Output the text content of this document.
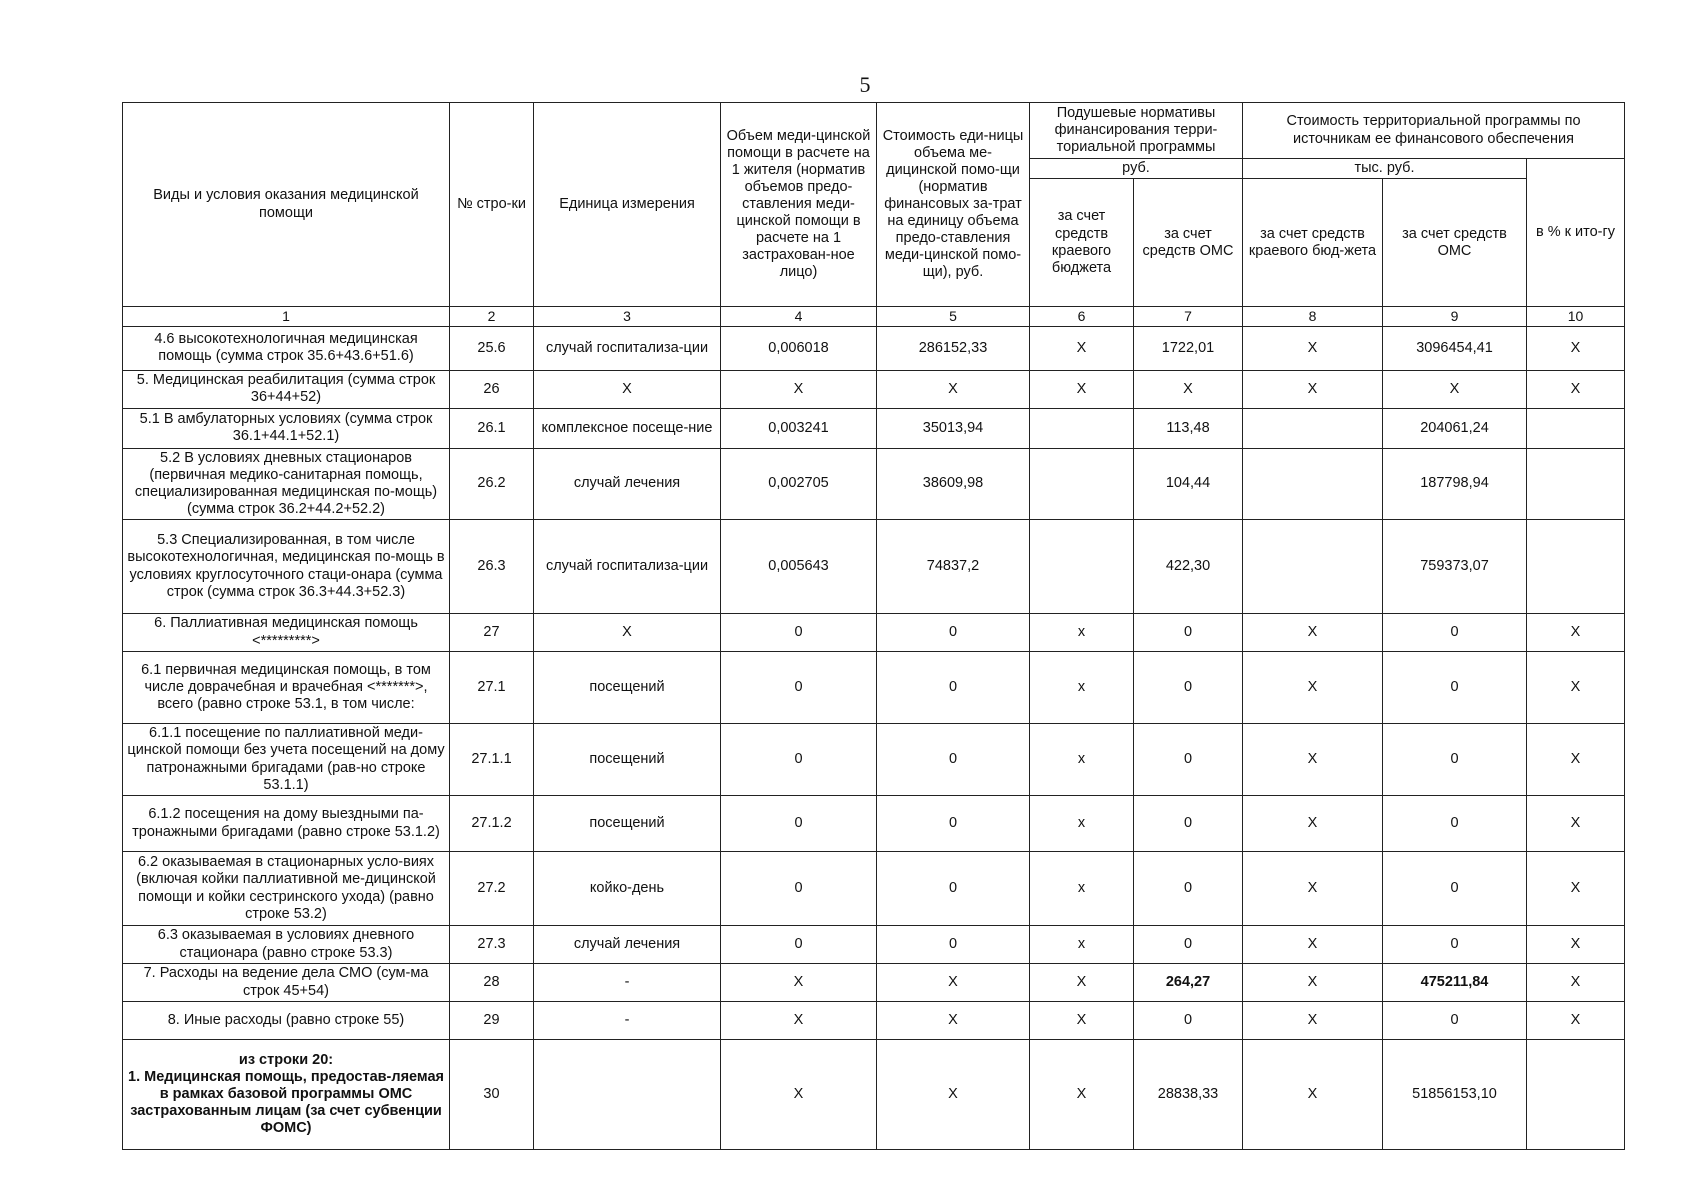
5
Виды и условия оказания медицинской помощи	№ стро-ки	Единица измерения	Объем меди-цинской помощи в расчете на 1 жителя (норматив объемов предо-ставления меди-цинской помощи в расчете на 1 застрахован-ное лицо)	Стоимость еди-ницы объема ме-дицинской помо-щи (норматив финансовых за-трат на единицу объема предо-ставления меди-цинской помо-щи), руб.	Подушевые нормативы финансирования терри-ториальной программы		Стоимость территориальной программы по источникам ее финансового обеспечения		
					руб.		тыс. руб.		в % к ито-гу
					за счет средств краевого бюджета	за счет средств ОМС	за счет средств краевого бюд-жета	за счет средств ОМС	
1	2	3	4	5	6	7	8	9	10
4.6 высокотехнологичная медицинская помощь (сумма строк 35.6+43.6+51.6)	25.6	случай госпитализа-ции	0,006018	286152,33	X	1722,01	X	3096454,41	X
5. Медицинская реабилитация (сумма строк 36+44+52)	26	X	X	X	X	X	X	X	X
5.1 В амбулаторных условиях (сумма строк 36.1+44.1+52.1)	26.1	комплексное посеще-ние	0,003241	35013,94		113,48		204061,24	
5.2 В условиях дневных стационаров (первичная медико-санитарная помощь, специализированная медицинская по-мощь) (сумма строк 36.2+44.2+52.2)	26.2	случай лечения	0,002705	38609,98		104,44		187798,94	
5.3 Специализированная, в том числе высокотехнологичная, медицинская по-мощь в условиях круглосуточного стаци-онара (сумма строк (сумма строк 36.3+44.3+52.3)	26.3	случай госпитализа-ции	0,005643	74837,2		422,30		759373,07	
6. Паллиативная медицинская помощь <*********>	27	X	0	0	x	0	X	0	X
6.1 первичная медицинская помощь, в том числе доврачебная и врачебная <*******>, всего (равно строке 53.1, в том числе:	27.1	посещений	0	0	x	0	X	0	X
6.1.1 посещение по паллиативной меди-цинской помощи без учета посещений на дому патронажными бригадами (рав-но строке 53.1.1)	27.1.1	посещений	0	0	x	0	X	0	X
6.1.2 посещения на дому выездными па-тронажными бригадами (равно строке 53.1.2)	27.1.2	посещений	0	0	x	0	X	0	X
6.2 оказываемая в стационарных усло-виях (включая койки паллиативной ме-дицинской помощи и койки сестринского ухода) (равно строке 53.2)	27.2	койко-день	0	0	x	0	X	0	X
6.3 оказываемая в условиях дневного стационара (равно строке 53.3)	27.3	случай лечения	0	0	x	0	X	0	X
7. Расходы на ведение дела СМО (сум-ма строк 45+54)	28	-	X	X	X	264,27	X	475211,84	X
8. Иные расходы (равно строке 55)	29	-	X	X	X	0	X	0	X
из строки 20:
1. Медицинская помощь, предостав-ляемая в рамках базовой программы ОМС застрахованным лицам (за счет субвенции ФОМС)	30		X	X	X	28838,33	X	51856153,10	
